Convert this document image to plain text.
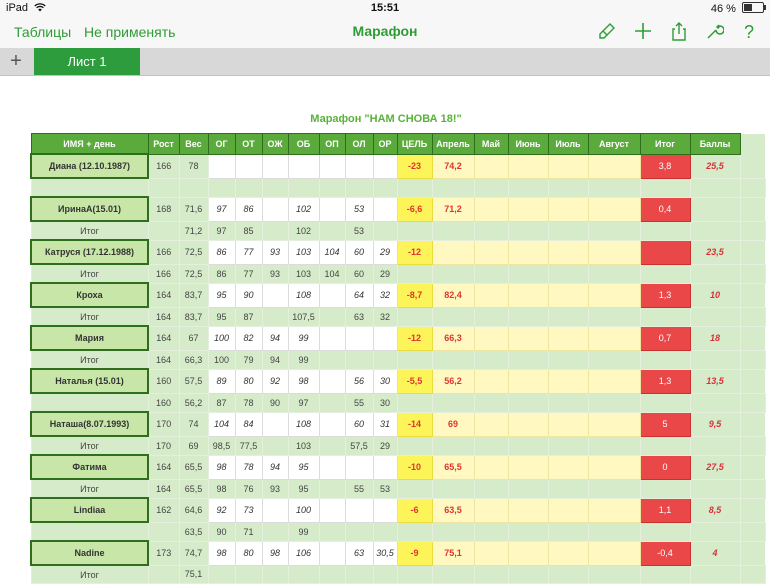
iPad	15:51	46 %
Таблицы Не применять	Марафон	?
+	Лист 1
Марафон "НАМ СНОВА 18!"
ИМЯ + день	Рост	Вес	ОГ	ОТ	ОЖ	ОБ	ОП	ОЛ	ОР	ЦЕЛЬ	Апрель	Май	Июнь	Июль	Август	Итог	Баллы	
Диана (12.10.1987)	166	78								-23	74,2					3,8	25,5	

ИринаА(15.01)	168	71,6	97	86		102		53		-6,6	71,2					0,4		
Итог		71,2	97	85		102		53										
Катруся (17.12.1988)	166	72,5	86	77	93	103	104	60	29	-12							23,5	
Итог	166	72,5	86	77	93	103	104	60	29									
Кроха	164	83,7	95	90		108		64	32	-8,7	82,4					1,3	10	
Итог	164	83,7	95	87		107,5		63	32									
Мария	164	67	100	82	94	99				-12	66,3					0,7	18	
Итог	164	66,3	100	79	94	99												
Наталья (15.01)	160	57,5	89	80	92	98		56	30	-5,5	56,2					1,3	13,5	
	160	56,2	87	78	90	97		55	30									
Наташа(8.07.1993)	170	74	104	84		108		60	31	-14	69					5	9,5	
Итог	170	69	98,5	77,5		103		57,5	29									
Фатима	164	65,5	98	78	94	95				-10	65,5					0	27,5	
Итог	164	65,5	98	76	93	95		55	53									
Lindiaa	162	64,6	92	73		100				-6	63,5					1,1	8,5	
		63,5	90	71		99												
Nadine	173	74,7	98	80	98	106		63	30,5	-9	75,1					-0,4	4	
Итог		75,1																
